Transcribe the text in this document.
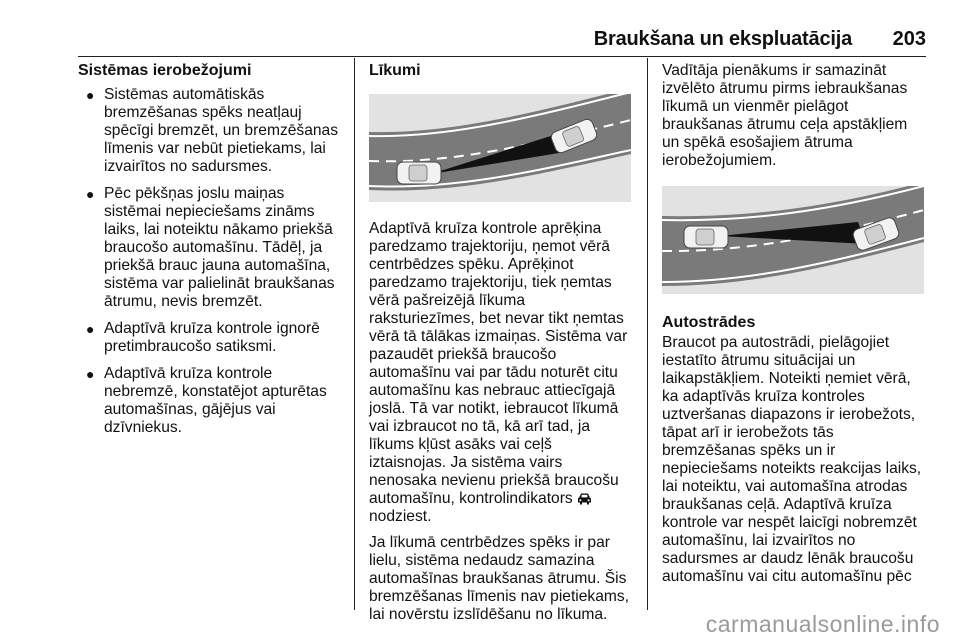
Braukšana un ekspluatācija 203
Sistēmas ierobežojumi
● Sistēmas automātiskās bremzēšanas spēks neatļauj spēcīgi bremzēt, un bremzēšanas līmenis var nebūt pietiekams, lai izvairītos no sadursmes.
● Pēc pēkšņas joslu maiņas sistēmai nepieciešams zināms laiks, lai noteiktu nākamo priekšā braucošo automašīnu. Tādēļ, ja priekšā brauc jauna automašīna, sistēma var palielināt braukšanas ātrumu, nevis bremzēt.
● Adaptīvā kruīza kontrole ignorē pretimbraucošo satiksmi.
● Adaptīvā kruīza kontrole nebremzē, konstatējot apturētas automašīnas, gājējus vai dzīvniekus.
Līkumi

Adaptīvā kruīza kontrole aprēķina paredzamo trajektoriju, ņemot vērā centrbēdzes spēku. Aprēķinot paredzamo trajektoriju, tiek ņemtas vērā pašreizējā līkuma raksturiezīmes, bet nevar tikt ņemtas vērā tā tālākas izmaiņas. Sistēma var pazaudēt priekšā braucošo automašīnu vai par tādu noturēt citu automašīnu kas nebrauc attiecīgajā joslā. Tā var notikt, iebraucot līkumā vai izbraucot no tā, kā arī tad, ja līkums kļūst asāks vai ceļš iztaisnojas. Ja sistēma vairs nenosaka nevienu priekšā braucošu automašīnu, kontrolindikators
nodziest.

Ja līkumā centrbēdzes spēks ir par lielu, sistēma nedaudz samazina automašīnas braukšanas ātrumu. Šis bremzēšanas līmenis nav pietiekams, lai novērstu izslīdēšanu no līkuma.

Vadītāja pienākums ir samazināt izvēlēto ātrumu pirms iebraukšanas līkumā un vienmēr pielāgot braukšanas ātrumu ceļa apstākļiem un spēkā esošajiem ātruma ierobežojumiem.

Autostrādes

Braucot pa autostrādi, pielāgojiet iestatīto ātrumu situācijai un laikapstākļiem. Noteikti ņemiet vērā, ka adaptīvās kruīza kontroles uztveršanas diapazons ir ierobežots, tāpat arī ir ierobežots tās bremzēšanas spēks un ir nepieciešams noteikts reakcijas laiks, lai noteiktu, vai automašīna atrodas braukšanas ceļā. Adaptīvā kruīza kontrole var nespēt laicīgi nobremzēt automašīnu, lai izvairītos no sadursmes ar daudz lēnāk braucošu automašīnu vai citu automašīnu pēc

carmanualsonline.info
